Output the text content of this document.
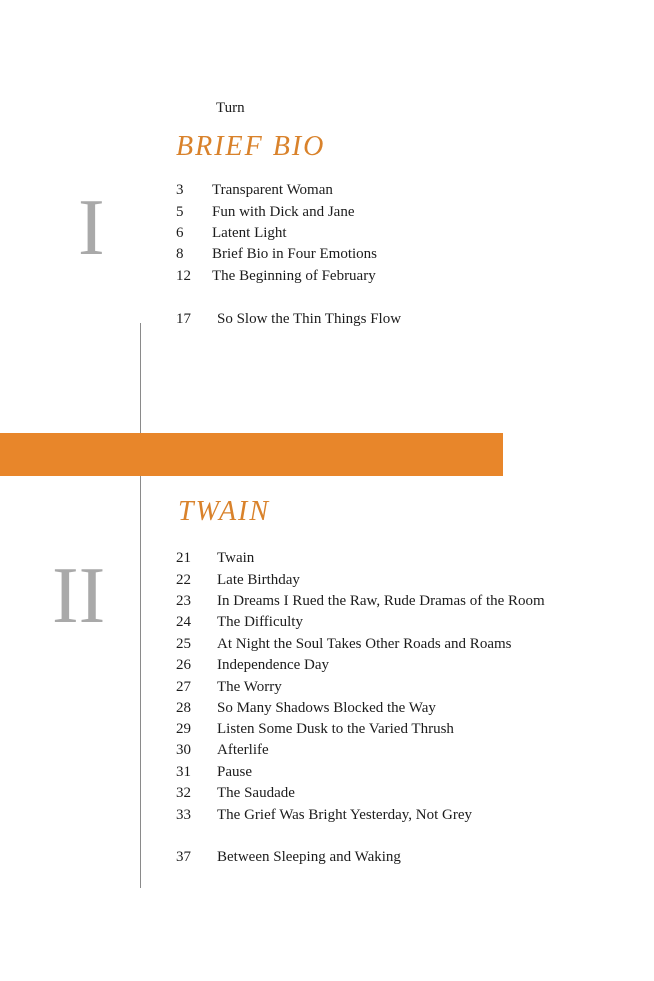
Turn
I
BRIEF BIO
3 Transparent Woman
5 Fun with Dick and Jane
6 Latent Light
8 Brief Bio in Four Emotions
12 The Beginning of February
17 So Slow the Thin Things Flow
II
TWAIN
21 Twain
22 Late Birthday
23 In Dreams I Rued the Raw, Rude Dramas of the Room
24 The Difficulty
25 At Night the Soul Takes Other Roads and Roams
26 Independence Day
27 The Worry
28 So Many Shadows Blocked the Way
29 Listen Some Dusk to the Varied Thrush
30 Afterlife
31 Pause
32 The Saudade
33 The Grief Was Bright Yesterday, Not Grey
37 Between Sleeping and Waking
